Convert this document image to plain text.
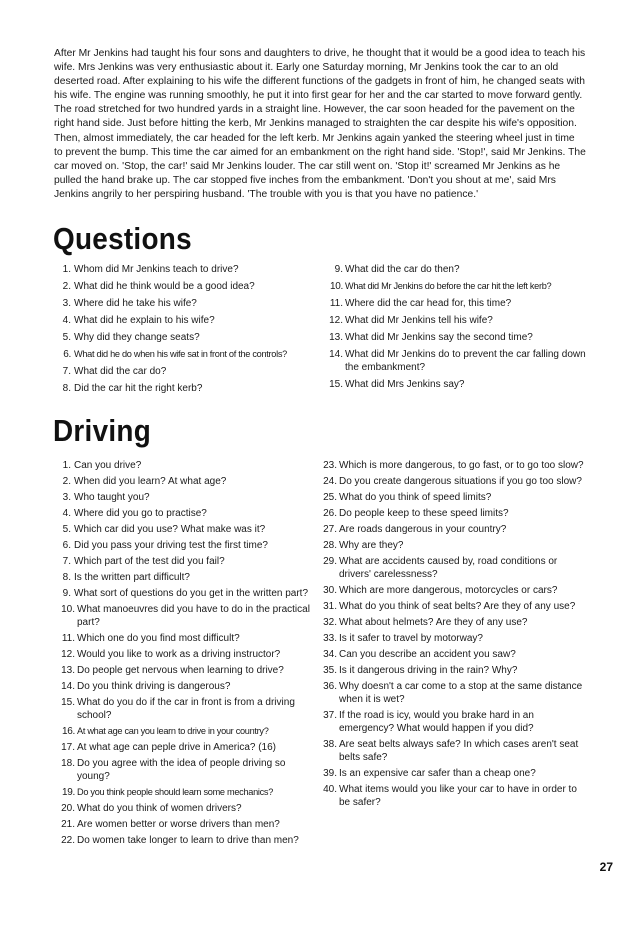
After Mr Jenkins had taught his four sons and daughters to drive, he thought that it would be a good idea to teach his wife. Mrs Jenkins was very enthusiastic about it. Early one Saturday morning, Mr Jenkins took the car to an old deserted road. After explaining to his wife the different functions of the gadgets in front of him, he changed seats with his wife. The engine was running smoothly, he put it into first gear for her and the car started to move forward gently. The road stretched for two hundred yards in a straight line. However, the car soon headed for the pavement on the right hand side. Just before hitting the kerb, Mr Jenkins managed to straighten the car despite his wife's opposition. Then, almost immediately, the car headed for the left kerb. Mr Jenkins again yanked the steering wheel just in time to prevent the bump. This time the car aimed for an embankment on the right hand side. 'Stop!', said Mr Jenkins. The car moved on. 'Stop, the car!' said Mr Jenkins louder. The car still went on. 'Stop it!' screamed Mr Jenkins as he pulled the hand brake up. The car stopped five inches from the embankment. 'Don't you shout at me', said Mrs Jenkins angrily to her perspiring husband. 'The trouble with you is that you have no patience.'

Questions
1. Whom did Mr Jenkins teach to drive?
2. What did he think would be a good idea?
3. Where did he take his wife?
4. What did he explain to his wife?
5. Why did they change seats?
6. What did he do when his wife sat in front of the controls?
7. What did the car do?
8. Did the car hit the right kerb?
9. What did the car do then?
10. What did Mr Jenkins do before the car hit the left kerb?
11. Where did the car head for, this time?
12. What did Mr Jenkins tell his wife?
13. What did Mr Jenkins say the second time?
14. What did Mr Jenkins do to prevent the car falling down the embankment?
15. What did Mrs Jenkins say?
Driving
1. Can you drive?
2. When did you learn? At what age?
3. Who taught you?
4. Where did you go to practise?
5. Which car did you use? What make was it?
6. Did you pass your driving test the first time?
7. Which part of the test did you fail?
8. Is the written part difficult?
9. What sort of questions do you get in the written part?
10. What manoeuvres did you have to do in the practical part?
11. Which one do you find most difficult?
12. Would you like to work as a driving instructor?
13. Do people get nervous when learning to drive?
14. Do you think driving is dangerous?
15. What do you do if the car in front is from a driving school?
16. At what age can you learn to drive in your country?
17. At what age can peple drive in America? (16)
18. Do you agree with the idea of people driving so young?
19. Do you think people should learn some mechanics?
20. What do you think of women drivers?
21. Are women better or worse drivers than men?
22. Do women take longer to learn to drive than men?
23. Which is more dangerous, to go fast, or to go too slow?
24. Do you create dangerous situations if you go too slow?
25. What do you think of speed limits?
26. Do people keep to these speed limits?
27. Are roads dangerous in your country?
28. Why are they?
29. What are accidents caused by, road conditions or drivers' carelessness?
30. Which are more dangerous, motorcycles or cars?
31. What do you think of seat belts? Are they of any use?
32. What about helmets? Are they of any use?
33. Is it safer to travel by motorway?
34. Can you describe an accident you saw?
35. Is it dangerous driving in the rain? Why?
36. Why doesn't a car come to a stop at the same distance when it is wet?
37. If the road is icy, would you brake hard in an emergency? What would happen if you did?
38. Are seat belts always safe? In which cases aren't seat belts safe?
39. Is an expensive car safer than a cheap one?
40. What items would you like your car to have in order to be safer?

27
